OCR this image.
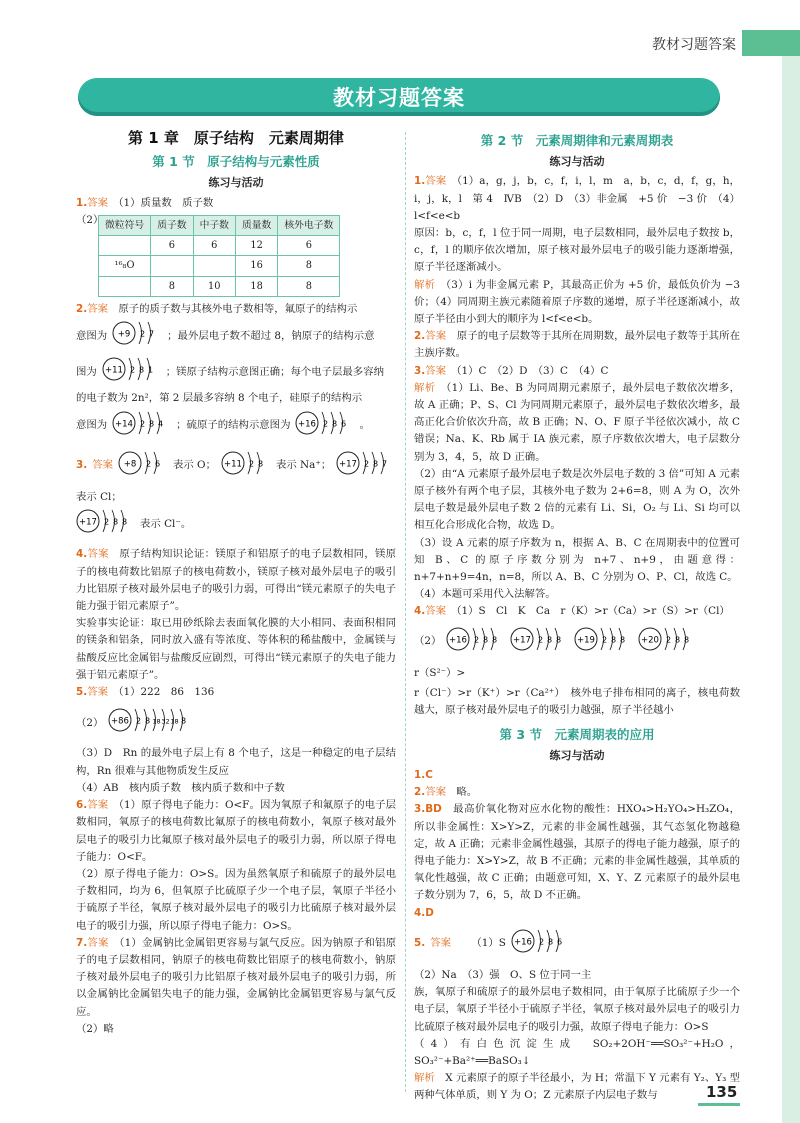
教材习题答案
教材习题答案
第 1 章　原子结构　元素周期律
第 1 节　原子结构与元素性质
练习与活动

1.答案　 （1）质量数　质子数

（2） 微粒符号	质子数	中子数	质量数	核外电子数
	6	6	12	6
¹⁶₈O			16	8
	8	10	18	8

2.答案　 原子的质子数与其核外电子数相等，氟原子的结构示

意图为 +9 2 7 ；最外层电子数不超过 8，钠原子的结构示意
图为 +11 2 8 1 ；镁原子结构示意图正确；每个电子层最多容纳

的电子数为 2n²，第 2 层最多容纳 8 个电子，硅原子的结构示

意图为 +14 2 8 4 ；硫原子的结构示意图为 +16 2 8 6 。
3. 答案 +8 2 6 表示 O； +11 2 8 表示 Na⁺； +17 2 8 7
表示 Cl；
+17 2 8 8 表示 Cl⁻。

4.答案　 原子结构知识论证：镁原子和铝原子的电子层数相同，镁原子的核电荷数比铝原子的核电荷数小，镁原子核对最外层电子的吸引力比铝原子核对最外层电子的吸引力弱，可得出“镁元素原子的失电子能力强于铝元素原子”。

实验事实论证：取已用砂纸除去表面氧化膜的大小相同、表面积相同的镁条和铝条，同时放入盛有等浓度、等体积的稀盐酸中，金属镁与盐酸反应比金属铝与盐酸反应剧烈，可得出“镁元素原子的失电子能力强于铝元素原子”。

5.答案　 （1）222　86　136

（2） +86 2 8 18 32 18 8

（3）D　Rn 的最外电子层上有 8 个电子，这是一种稳定的电子层结构，Rn 很难与其他物质发生反应

（4）AB　核内质子数　核内质子数和中子数

6.答案　 （1）原子得电子能力：O<F。因为氧原子和氟原子的电子层数相同，氧原子的核电荷数比氟原子的核电荷数小，氧原子核对最外层电子的吸引力比氟原子核对最外层电子的吸引力弱，所以原子得电子能力：O<F。

（2）原子得电子能力：O>S。因为虽然氧原子和硫原子的最外层电子数相同，均为 6，但氧原子比硫原子少一个电子层，氧原子半径小于硫原子半径，氧原子核对最外层电子的吸引力比硫原子核对最外层电子的吸引力强，所以原子得电子能力：O>S。

7.答案　 （1）金属钠比金属铝更容易与氯气反应。因为钠原子和铝原子的电子层数相同，钠原子的核电荷数比铝原子的核电荷数小，钠原子核对最外层电子的吸引力比铝原子核对最外层电子的吸引力弱，所以金属钠比金属铝失电子的能力强，金属钠比金属铝更容易与氯气反应。

（2）略

第 2 节　元素周期律和元素周期表
练习与活动

1.答案　 （1）a，g，j，b，c，f，i，l，m　a，b，c，d，f，g，h，i，j，k，l　第 4　ⅣB　（2）D　（3）非金属　+5 价　−3 价　（4）l<f<e<b

原因：b，c，f，l 位于同一周期，电子层数相同，最外层电子数按 b，c，f，l 的顺序依次增加，原子核对最外层电子的吸引能力逐渐增强，原子半径逐渐减小。

解析　 （3）i 为非金属元素 P，其最高正价为 +5 价，最低负价为 −3 价；（4）同周期主族元素随着原子序数的递增，原子半径逐渐减小，故原子半径由小到大的顺序为 l<f<e<b。

2.答案　 原子的电子层数等于其所在周期数，最外层电子数等于其所在主族序数。

3.答案　 （1）C　（2）D　（3）C　（4）C

解析　 （1）Li、Be、B 为同周期元素原子，最外层电子数依次增多，故 A 正确；P、S、Cl 为同周期元素原子，最外层电子数依次增多，最高正化合价依次升高，故 B 正确；N、O、F 原子半径依次减小，故 C 错误；Na、K、Rb 属于 ⅠA 族元素，原子序数依次增大，电子层数分别为 3，4，5，故 D 正确。

（2）由“A 元素原子最外层电子数是次外层电子数的 3 倍”可知 A 元素原子核外有两个电子层，其核外电子数为 2+6=8，则 A 为 O，次外层电子数是最外层电子数 2 倍的元素有 Li、Si，O₂ 与 Li、Si 均可以相互化合形成化合物，故选 D。

（3）设 A 元素的原子序数为 n，根据 A、B、C 在周期表中的位置可知 B、C 的原子序数分别为 n+7、n+9，由题意得：n+7+n+9=4n，n=8，所以 A、B、C 分别为 O、P、Cl，故选 C。

（4）本题可采用代入法解答。

4.答案　 （1）S　Cl　K　Ca　r（K）>r（Ca）>r（S）>r（Cl）

（2） +16 2 8 8 +17 2 8 8 +19 2 8 8 +20 2 8 8
r（S²⁻）>

r（Cl⁻）>r（K⁺）>r（Ca²⁺）　核外电子排布相同的离子，核电荷数越大，原子核对最外层电子的吸引力越强，原子半径越小

第 3 节　元素周期表的应用
练习与活动

1.C

2.答案　 略。

3.BD　 最高价氧化物对应水化物的酸性：HXO₄>H₂YO₄>H₃ZO₄，所以非金属性：X>Y>Z，元素的非金属性越强，其气态氢化物越稳定，故 A 正确；元素非金属性越强，其原子的得电子能力越强，原子的得电子能力：X>Y>Z，故 B 不正确；元素的非金属性越强，其单质的氧化性越强，故 C 正确；由题意可知，X、Y、Z 元素原子的最外层电子数分别为 7，6，5，故 D 不正确。

4.D

5. 答案
　 （1）S +16 2 8 6
（2）Na　（3）强　O、S 位于同一主

族，氧原子和硫原子的最外层电子数相同，由于氧原子比硫原子少一个电子层，氧原子半径小于硫原子半径，氧原子核对最外层电子的吸引力比硫原子核对最外层电子的吸引力强，故原子得电子能力：O>S

（4）有白色沉淀生成　SO₂+2OH⁻══SO₃²⁻+H₂O，SO₃²⁻+Ba²⁺══BaSO₃↓

解析　 X 元素原子的原子半径最小，为 H；常温下 Y 元素有 Y₂、Y₃ 型两种气体单质，则 Y 为 O；Z 元素原子内层电子数与	135
